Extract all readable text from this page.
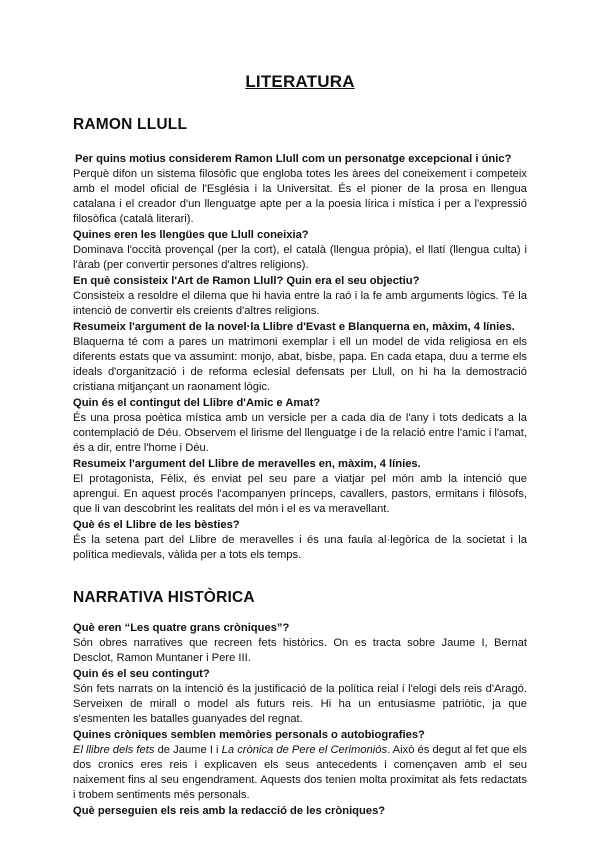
LITERATURA
RAMON LLULL

Per quins motius considerem Ramon Llull com un personatge excepcional i únic?

Perquè difon un sistema filosòfic que engloba totes les àrees del coneixement i competeix amb el model oficial de l'Església i la Universitat. És el pioner de la prosa en llengua catalana i el creador d'un llenguatge apte per a la poesia lírica i mística i per a l'expressió filosòfica (català literari).

Quines eren les llengües que Llull coneixia?

Dominava l'occità provençal (per la cort), el català (llengua pròpia), el llatí (llengua culta) i l'àrab (per convertir persones d'altres religions).

En què consisteix l'Art de Ramon Llull? Quin era el seu objectiu?

Consisteix a resoldre el dilema que hi havia entre la raó i la fe amb arguments lògics. Té la intenció de convertir els creients d'altres religions.

Resumeix l'argument de la novel·la Llibre d'Evast e Blanquerna en, màxim, 4 línies.

Blaquerna té com a pares un matrimoni exemplar i ell un model de vida religiosa en els diferents estats que va assumint: monjo, abat, bisbe, papa. En cada etapa, duu a terme els ideals d'organització i de reforma eclesial defensats per Llull, on hi ha la demostració cristiana mitjançant un raonament lògic.

Quin és el contingut del Llibre d'Amic e Amat?

És una prosa poètica mística amb un versicle per a cada dia de l'any i tots dedicats a la contemplació de Déu. Observem el lirisme del llenguatge i de la relació entre l'amic i l'amat, és a dir, entre l'home i Déu.

Resumeix l'argument del Llibre de meravelles en, màxim, 4 línies.

El protagonista, Fèlix, és enviat pel seu pare a viatjar pel món amb la intenció que aprengui. En aquest procés l'acompanyen prínceps, cavallers, pastors, ermitans i filòsofs, que li van descobrint les realitats del món i el es va meravellant.

Què és el Llibre de les bèsties?

És la setena part del Llibre de meravelles i és una faula al·legòrica de la societat i la política medievals, vàlida per a tots els temps.

NARRATIVA HISTÒRICA

Què eren “Les quatre grans cròniques”?

Són obres narratives que recreen fets històrics. On es tracta sobre Jaume I, Bernat Desclot, Ramon Muntaner i Pere III.

Quin és el seu contingut?

Són fets narrats on la intenció és la justificació de la política reial i l'elogi dels reis d'Aragó. Serveixen de mirall o model als futurs reis. Hi ha un entusiasme patriòtic, ja que s'esmenten les batalles guanyades del regnat.

Quines cròniques semblen memòries personals o autobiografies?

El llibre dels fets de Jaume I i La crònica de Pere el Cerimoniós. Això és degut al fet que els dos cronics eres reis i explicaven els seus antecedents i començaven amb el seu naixement fins al seu engendrament. Aquests dos tenien molta proximitat als fets redactats i trobem sentiments més personals.

Què perseguien els reis amb la redacció de les cròniques?
